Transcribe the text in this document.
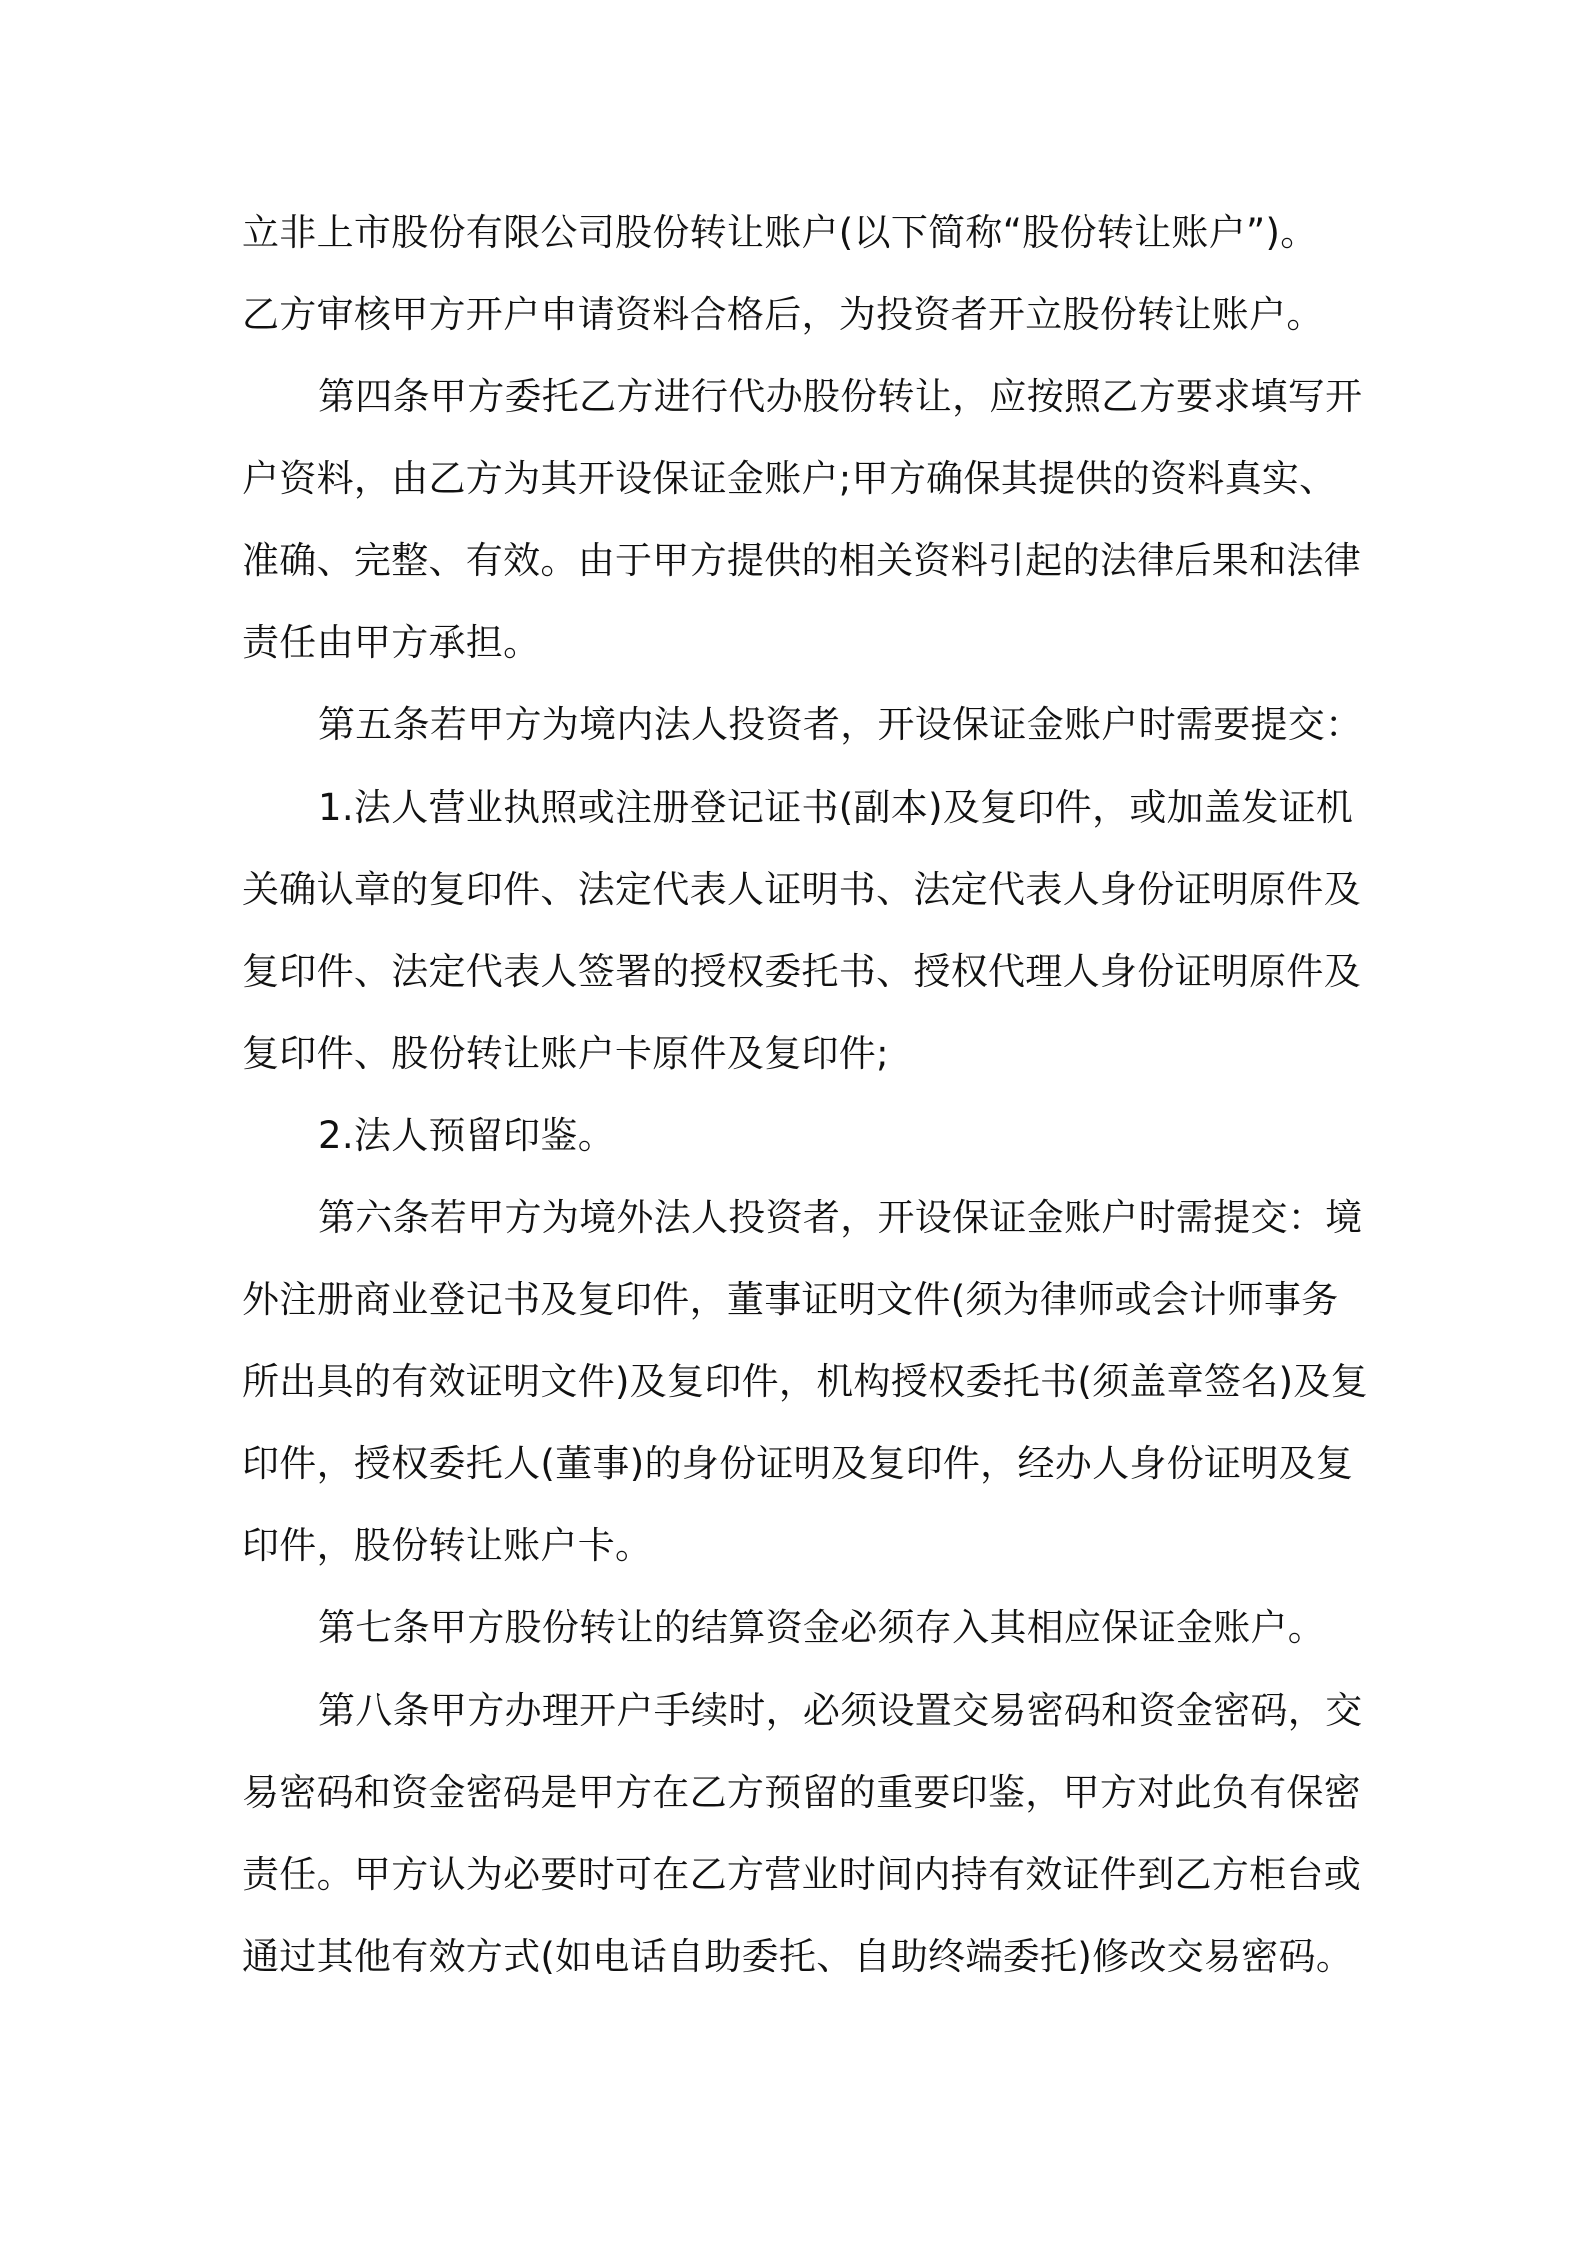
立非上市股份有限公司股份转让账户(以下简称“股份转让账户”)。
乙方审核甲方开户申请资料合格后，为投资者开立股份转让账户。
第四条甲方委托乙方进行代办股份转让，应按照乙方要求填写开
户资料，由乙方为其开设保证金账户;甲方确保其提供的资料真实、
准确、完整、有效。由于甲方提供的相关资料引起的法律后果和法律
责任由甲方承担。
第五条若甲方为境内法人投资者，开设保证金账户时需要提交：
1.法人营业执照或注册登记证书(副本)及复印件，或加盖发证机
关确认章的复印件、法定代表人证明书、法定代表人身份证明原件及
复印件、法定代表人签署的授权委托书、授权代理人身份证明原件及
复印件、股份转让账户卡原件及复印件;
2.法人预留印鉴。
第六条若甲方为境外法人投资者，开设保证金账户时需提交：境
外注册商业登记书及复印件，董事证明文件(须为律师或会计师事务
所出具的有效证明文件)及复印件，机构授权委托书(须盖章签名)及复
印件，授权委托人(董事)的身份证明及复印件，经办人身份证明及复
印件，股份转让账户卡。
第七条甲方股份转让的结算资金必须存入其相应保证金账户。
第八条甲方办理开户手续时，必须设置交易密码和资金密码，交
易密码和资金密码是甲方在乙方预留的重要印鉴，甲方对此负有保密
责任。甲方认为必要时可在乙方营业时间内持有效证件到乙方柜台或
通过其他有效方式(如电话自助委托、自助终端委托)修改交易密码。
